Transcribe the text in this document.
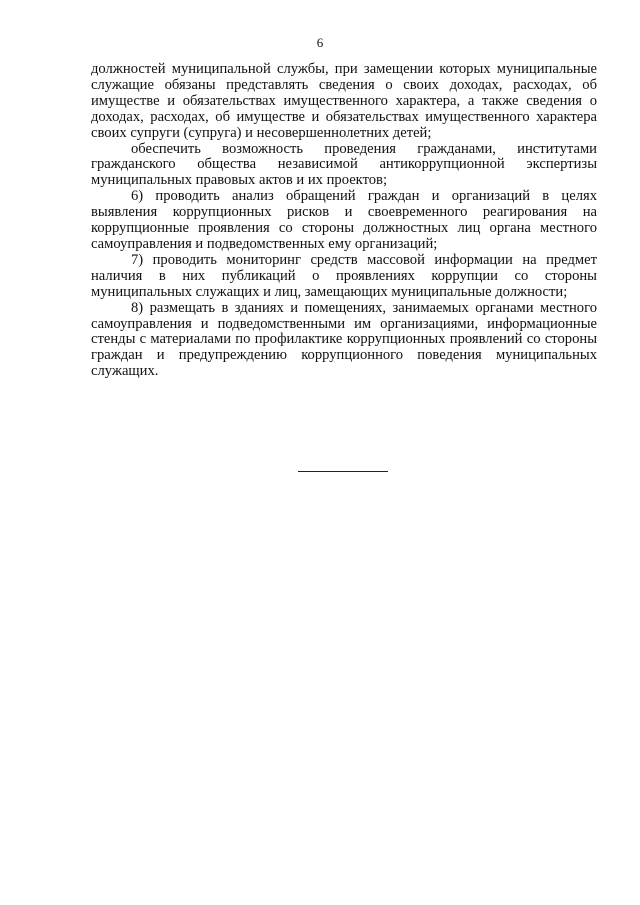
6

должностей муниципальной службы, при замещении которых муниципальные служащие обязаны представлять сведения о своих доходах, расходах, об имуществе и обязательствах имущественного характера, а также сведения о доходах, расходах, об имуществе и обязательствах имущественного характера своих супруги (супруга) и несовершеннолетних детей;

обеспечить возможность проведения гражданами, институтами гражданского общества независимой антикоррупционной экспертизы муниципальных правовых актов и их проектов;

6) проводить анализ обращений граждан и организаций в целях выявления коррупционных рисков и своевременного реагирования на коррупционные проявления со стороны должностных лиц органа местного самоуправления и подведомственных ему организаций;

7) проводить мониторинг средств массовой информации на предмет наличия в них публикаций о проявлениях коррупции со стороны муниципальных служащих и лиц, замещающих муниципальные должности;

8) размещать в зданиях и помещениях, занимаемых органами местного самоуправления и подведомственными им организациями, информационные стенды с материалами по профилактике коррупционных проявлений со стороны граждан и предупреждению коррупционного поведения муниципальных служащих.
